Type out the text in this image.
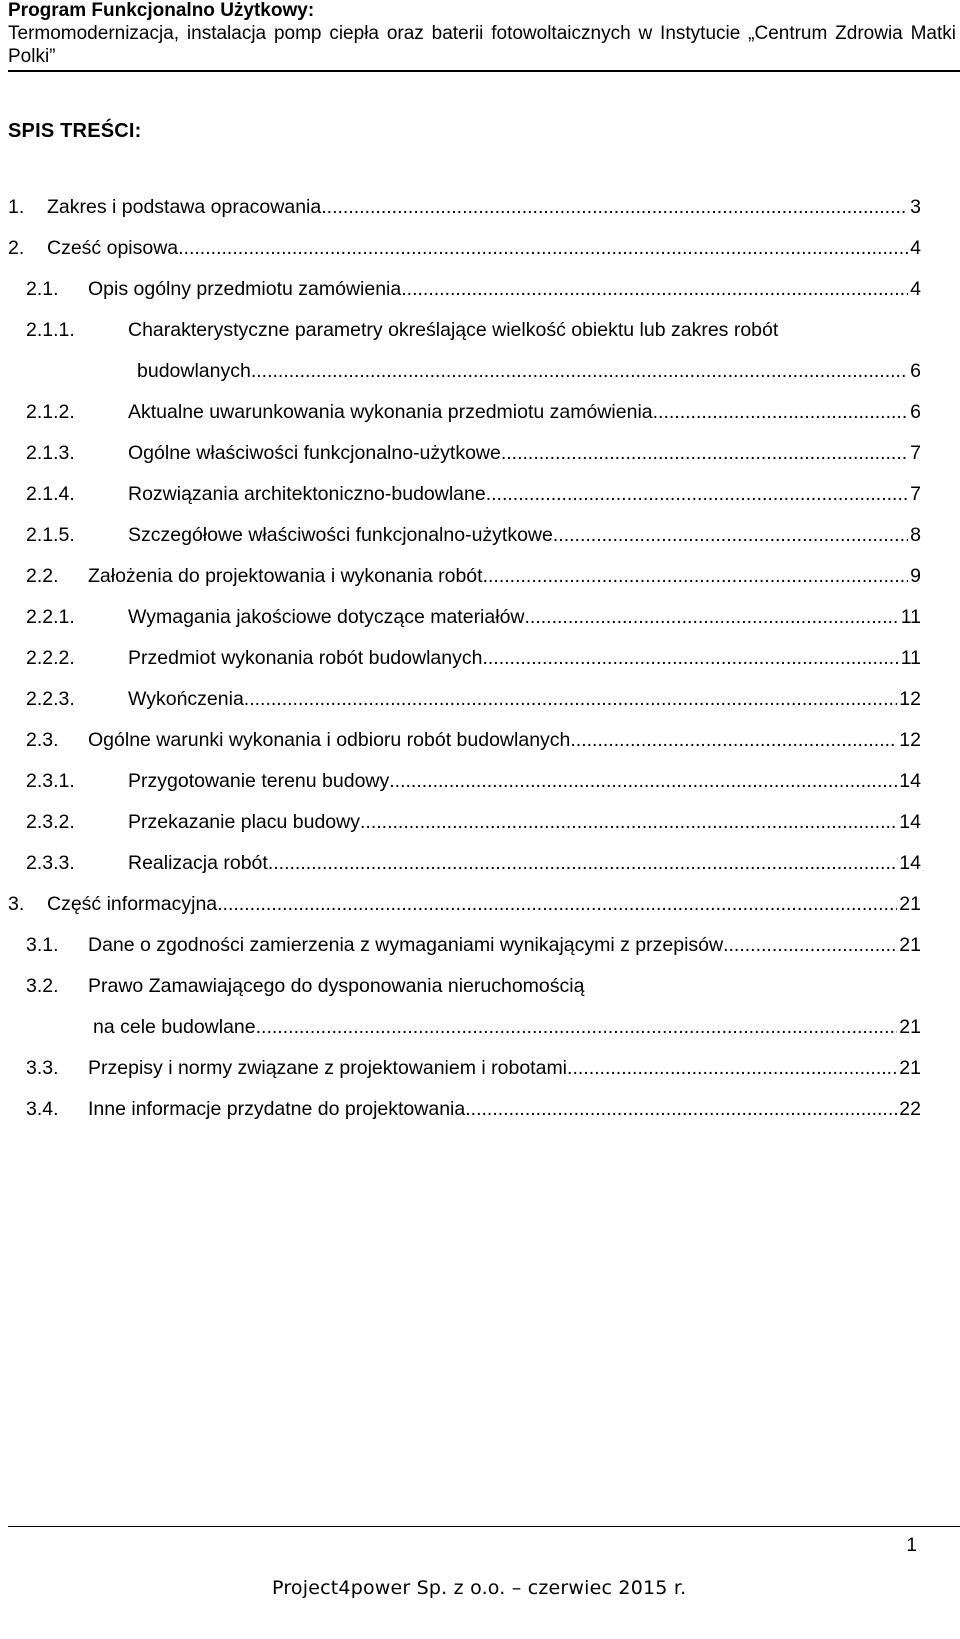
Program Funkcjonalno Użytkowy:
Termomodernizacja, instalacja pomp ciepła oraz baterii fotowoltaicznych w Instytucie „Centrum Zdrowia Matki Polki”
SPIS TREŚCI:
1. Zakres i podstawa opracowania .....	3
2. Cześć opisowa .....	4
2.1. Opis ogólny przedmiotu zamówienia .....	4
2.1.1.	Charakterystyczne parametry określające wielkość obiektu lub zakres robót
budowlanych .....	6
2.1.2.	Aktualne uwarunkowania wykonania przedmiotu zamówienia .....	6
2.1.3.	Ogólne właściwości funkcjonalno-użytkowe .....	7
2.1.4.	Rozwiązania architektoniczno-budowlane .....	7
2.1.5.	Szczegółowe właściwości funkcjonalno-użytkowe .....	8
2.2. Założenia do projektowania i wykonania robót .....	9
2.2.1.	Wymagania jakościowe dotyczące materiałów .....	11
2.2.2.	Przedmiot wykonania robót budowlanych .....	11
2.2.3.	Wykończenia .....	12
2.3. Ogólne warunki wykonania i odbioru robót budowlanych .....	12
2.3.1.	Przygotowanie terenu budowy .....	14
2.3.2.	Przekazanie placu budowy .....	14
2.3.3.	Realizacja robót .....	14
3. Część informacyjna .....	21
3.1. Dane o zgodności zamierzenia z wymaganiami wynikającymi z przepisów .....	21
3.2. Prawo Zamawiającego do dysponowania nieruchomością
na cele budowlane .....	21
3.3. Przepisy i normy związane z projektowaniem i robotami .....	21
3.4. Inne informacje przydatne do projektowania .....	22
1
Project4power Sp. z o.o. – czerwiec 2015 r.
